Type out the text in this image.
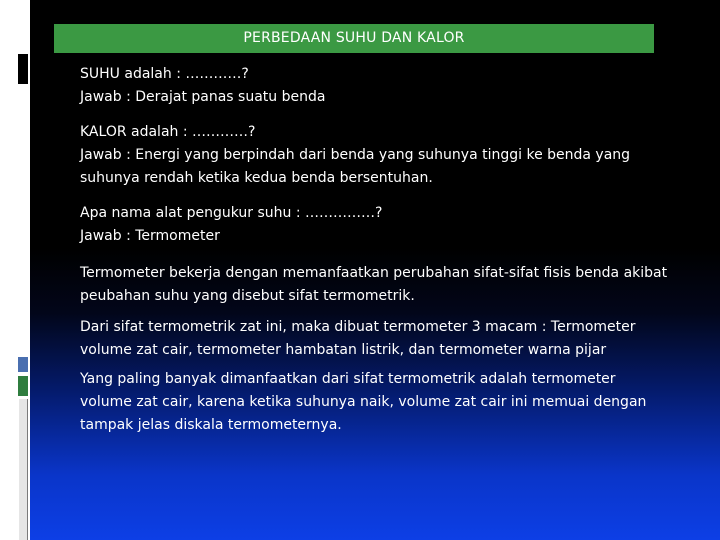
PERBEDAAN SUHU DAN KALOR

SUHU adalah : …………?

Jawab : Derajat panas suatu benda

KALOR adalah : …………?

Jawab : Energi yang berpindah dari benda yang suhunya tinggi ke benda yang suhunya rendah ketika kedua benda bersentuhan.

Apa nama alat pengukur suhu : ……………?

Jawab : Termometer

Termometer bekerja dengan memanfaatkan perubahan sifat-sifat fisis benda akibat peubahan suhu yang disebut sifat termometrik.

Dari sifat termometrik zat ini, maka dibuat termometer 3 macam : Termometer volume zat cair, termometer hambatan listrik, dan termometer warna pijar

Yang paling banyak dimanfaatkan dari sifat termometrik adalah termometer volume zat cair, karena ketika suhunya naik, volume zat cair ini memuai dengan tampak jelas diskala termometernya.
